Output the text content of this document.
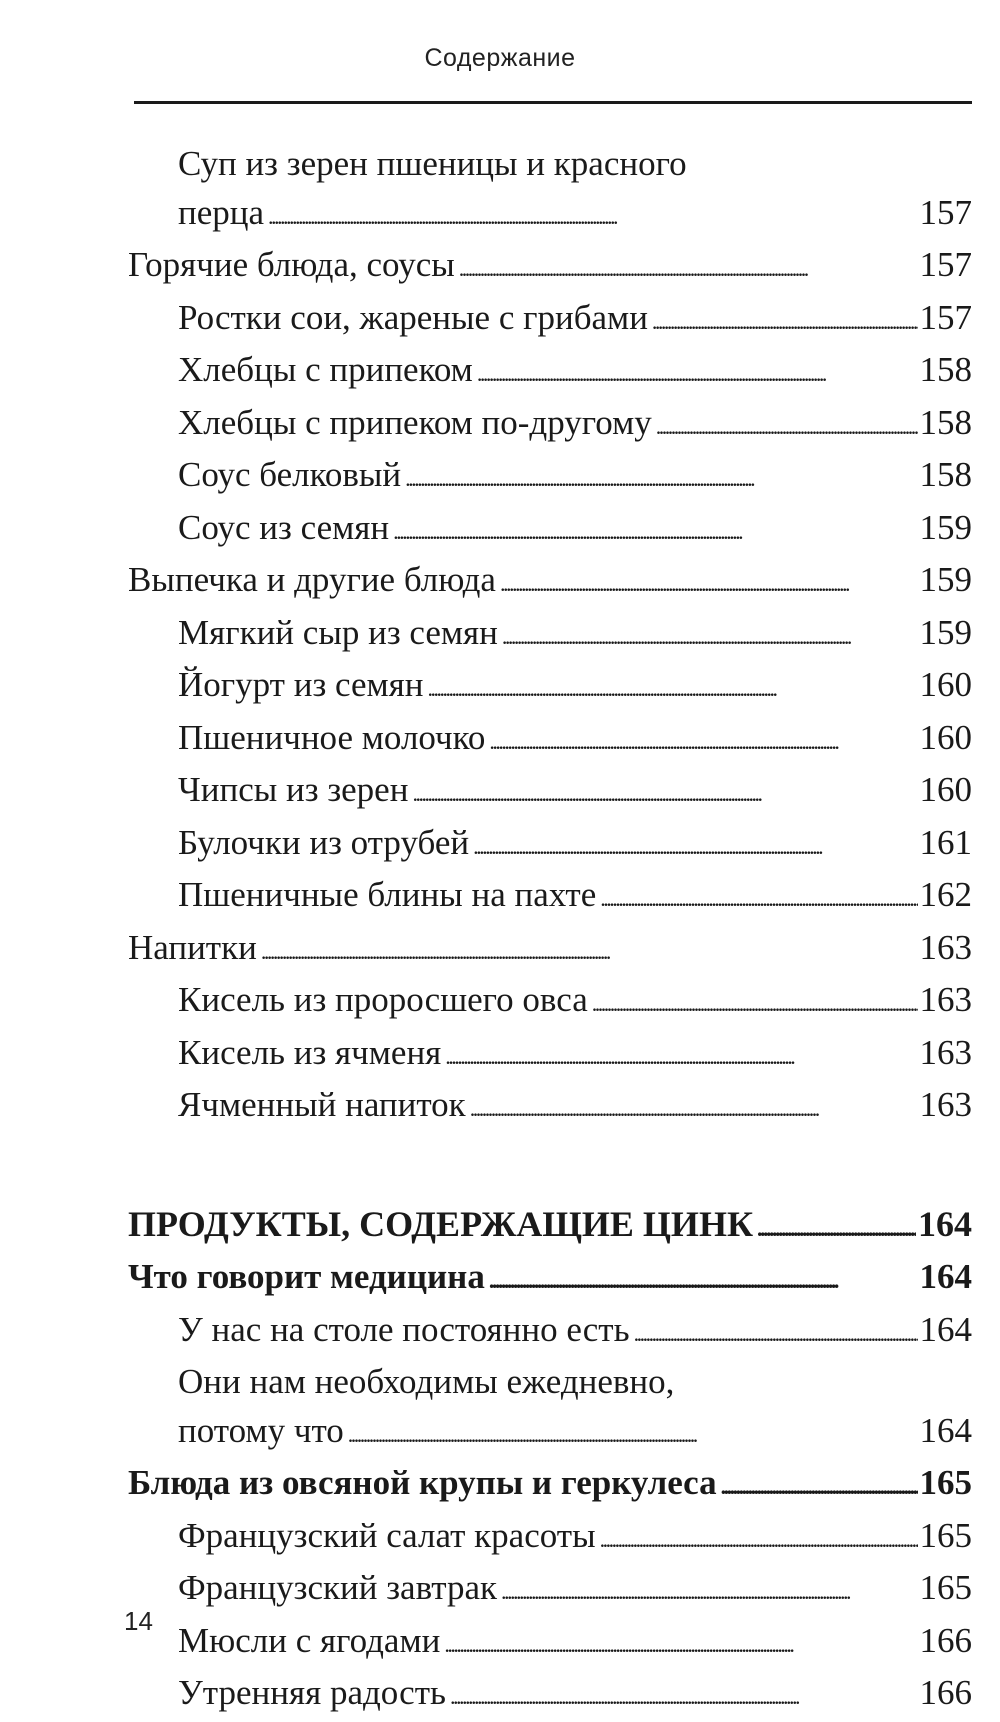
Содержание
Суп из зерен пшеницы и красного
перца . . .	157
Горячие блюда, соусы . . .	157
Ростки сои, жареные с грибами . . .	157
Хлебцы с припеком . . .	158
Хлебцы с припеком по-другому . . .	158
Соус белковый . . .	158
Соус из семян . . .	159
Выпечка и другие блюда . . .	159
Мягкий сыр из семян . . .	159
Йогурт из семян . . .	160
Пшеничное молочко . . .	160
Чипсы из зерен . . .	160
Булочки из отрубей . . .	161
Пшеничные блины на пахте . . .	162
Напитки . . .	163
Кисель из проросшего овса . . .	163
Кисель из ячменя . . .	163
Ячменный напиток . . .	163
ПРОДУКТЫ, СОДЕРЖАЩИЕ ЦИНК . . .	164
Что говорит медицина . . .	164
У нас на столе постоянно есть . . .	164
Они нам необходимы ежедневно,
потому что . . .	164
Блюда из овсяной крупы и геркулеса . . .	165
Французский салат красоты . . .	165
Французский завтрак . . .	165
Мюсли с ягодами . . .	166
Утренняя радость . . .	166
14
